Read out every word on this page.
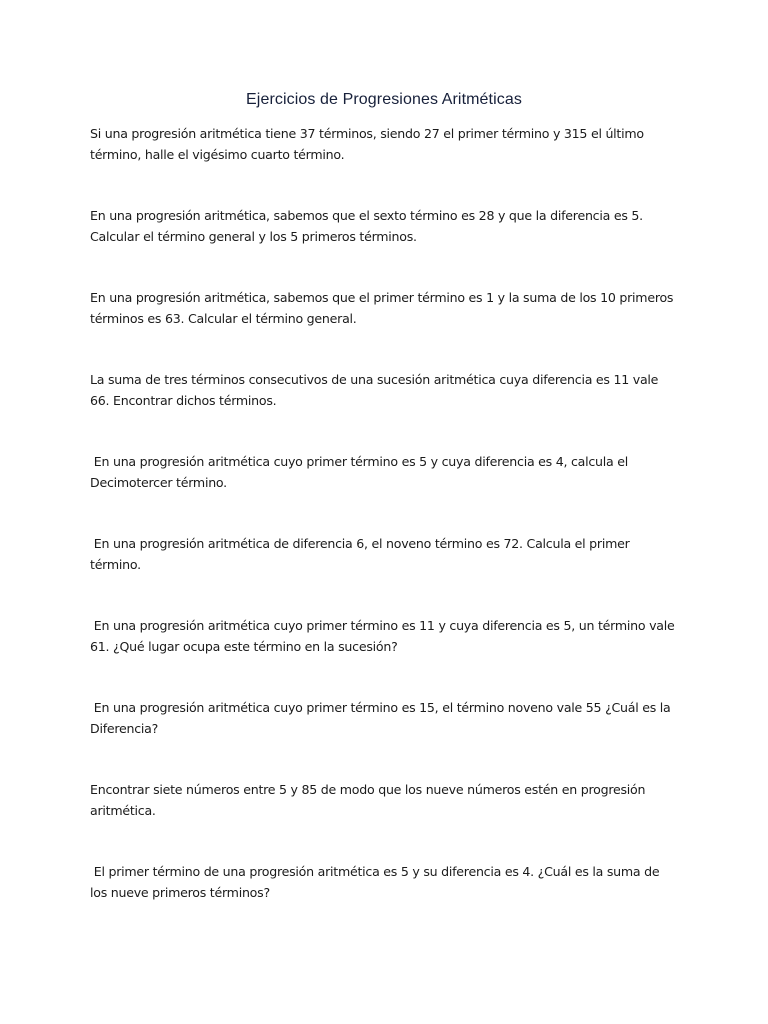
Ejercicios de Progresiones Aritméticas

Si una progresión aritmética tiene 37 términos, siendo 27 el primer término y 315 el último
término, halle el vigésimo cuarto término.

En una progresión aritmética, sabemos que el sexto término es 28 y que la diferencia es 5.
Calcular el término general y los 5 primeros términos.

En una progresión aritmética, sabemos que el primer término es 1 y la suma de los 10 primeros
términos es 63. Calcular el término general.

La suma de tres términos consecutivos de una sucesión aritmética cuya diferencia es 11 vale
66. Encontrar dichos términos.

En una progresión aritmética cuyo primer término es 5 y cuya diferencia es 4, calcula el
Decimotercer término.

En una progresión aritmética de diferencia 6, el noveno término es 72. Calcula el primer
término.

En una progresión aritmética cuyo primer término es 11 y cuya diferencia es 5, un término vale
61. ¿Qué lugar ocupa este término en la sucesión?

En una progresión aritmética cuyo primer término es 15, el término noveno vale 55 ¿Cuál es la
Diferencia?

Encontrar siete números entre 5 y 85 de modo que los nueve números estén en progresión
aritmética.

El primer término de una progresión aritmética es 5 y su diferencia es 4. ¿Cuál es la suma de
los nueve primeros términos?
